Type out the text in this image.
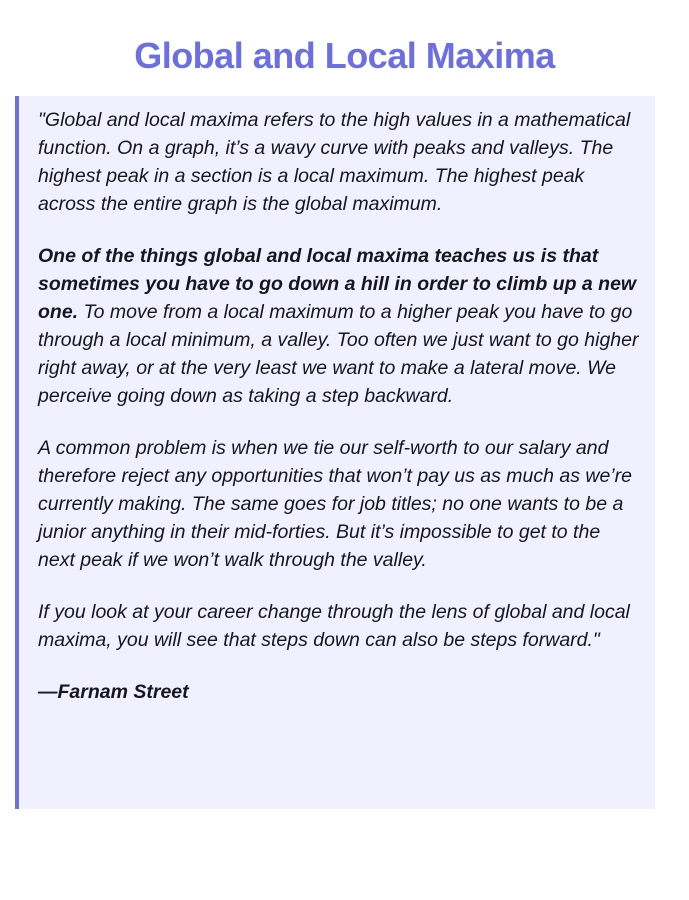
Global and Local Maxima

"Global and local maxima refers to the high values in a mathematical function. On a graph, it’s a wavy curve with peaks and valleys. The highest peak in a section is a local maximum. The highest peak across the entire graph is the global maximum.

One of the things global and local maxima teaches us is that sometimes you have to go down a hill in order to climb up a new one. To move from a local maximum to a higher peak you have to go through a local minimum, a valley. Too often we just want to go higher right away, or at the very least we want to make a lateral move. We perceive going down as taking a step backward.

A common problem is when we tie our self-worth to our salary and therefore reject any opportunities that won’t pay us as much as we’re currently making. The same goes for job titles; no one wants to be a junior anything in their mid-forties. But it’s impossible to get to the next peak if we won’t walk through the valley.

If you look at your career change through the lens of global and local maxima, you will see that steps down can also be steps forward."

—Farnam Street
